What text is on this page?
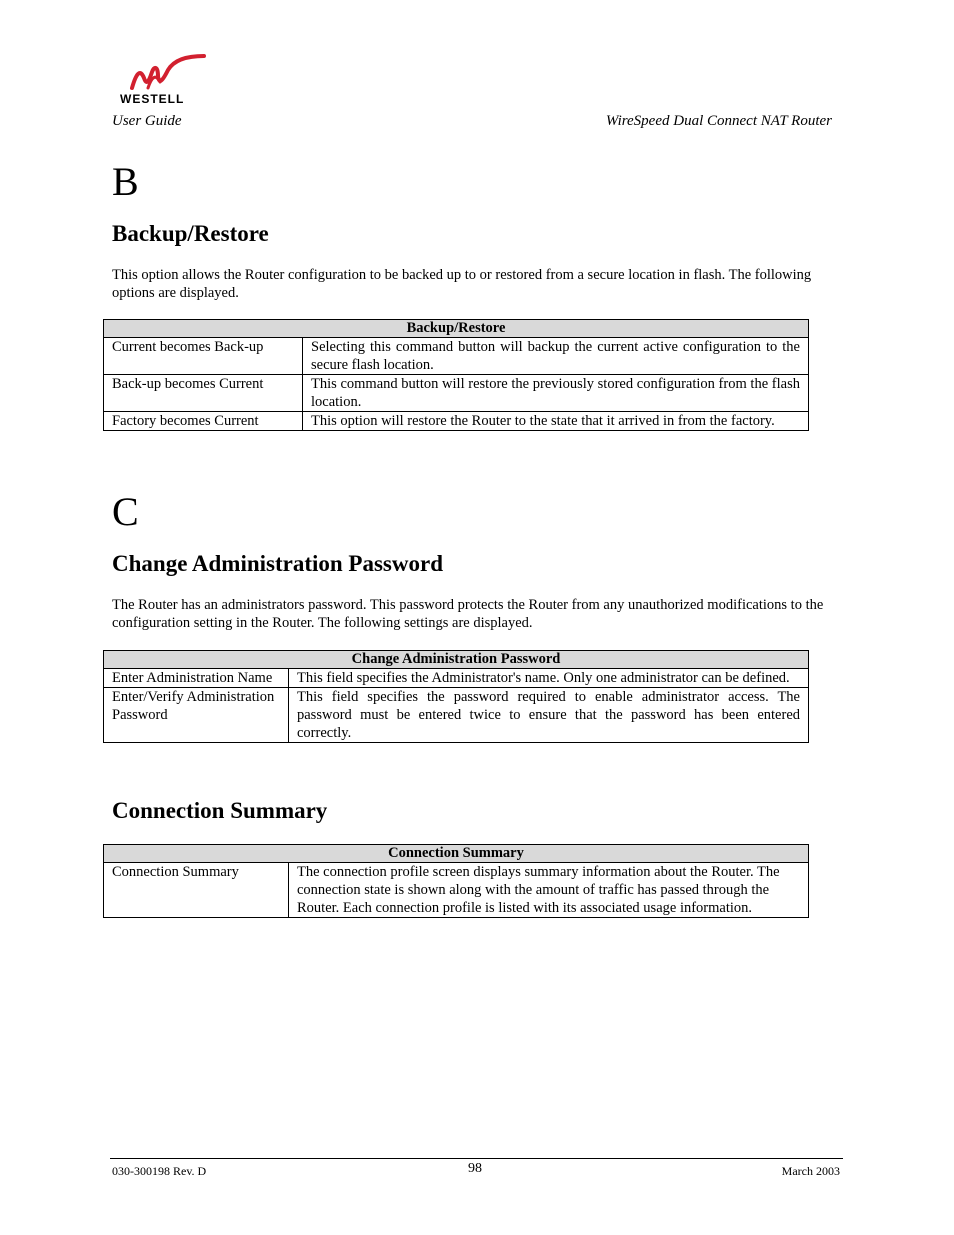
WESTELL
User Guide	WireSpeed Dual Connect NAT Router
B
Backup/Restore
This option allows the Router configuration to be backed up to or restored from a secure location in flash. The following options are displayed.
Backup/Restore	
Current becomes Back-up	Selecting this command button will backup the current active configuration to the secure flash location.
Back-up becomes Current	This command button will restore the previously stored configuration from the flash location.
Factory becomes Current	This option will restore the Router to the state that it arrived in from the factory.
C
Change Administration Password
The Router has an administrators password. This password protects the Router from any unauthorized modifications to the configuration setting in the Router. The following settings are displayed.
Change Administration Password	
Enter Administration Name	This field specifies the Administrator's name. Only one administrator can be defined.
Enter/Verify Administration Password	This field specifies the password required to enable administrator access. The password must be entered twice to ensure that the password has been entered correctly.
Connection Summary
Connection Summary
Connection Summary	The connection profile screen displays summary information about the Router. The connection state is shown along with the amount of traffic has passed through the Router. Each connection profile is listed with its associated usage information.
030-300198 Rev. D	98	March 2003
